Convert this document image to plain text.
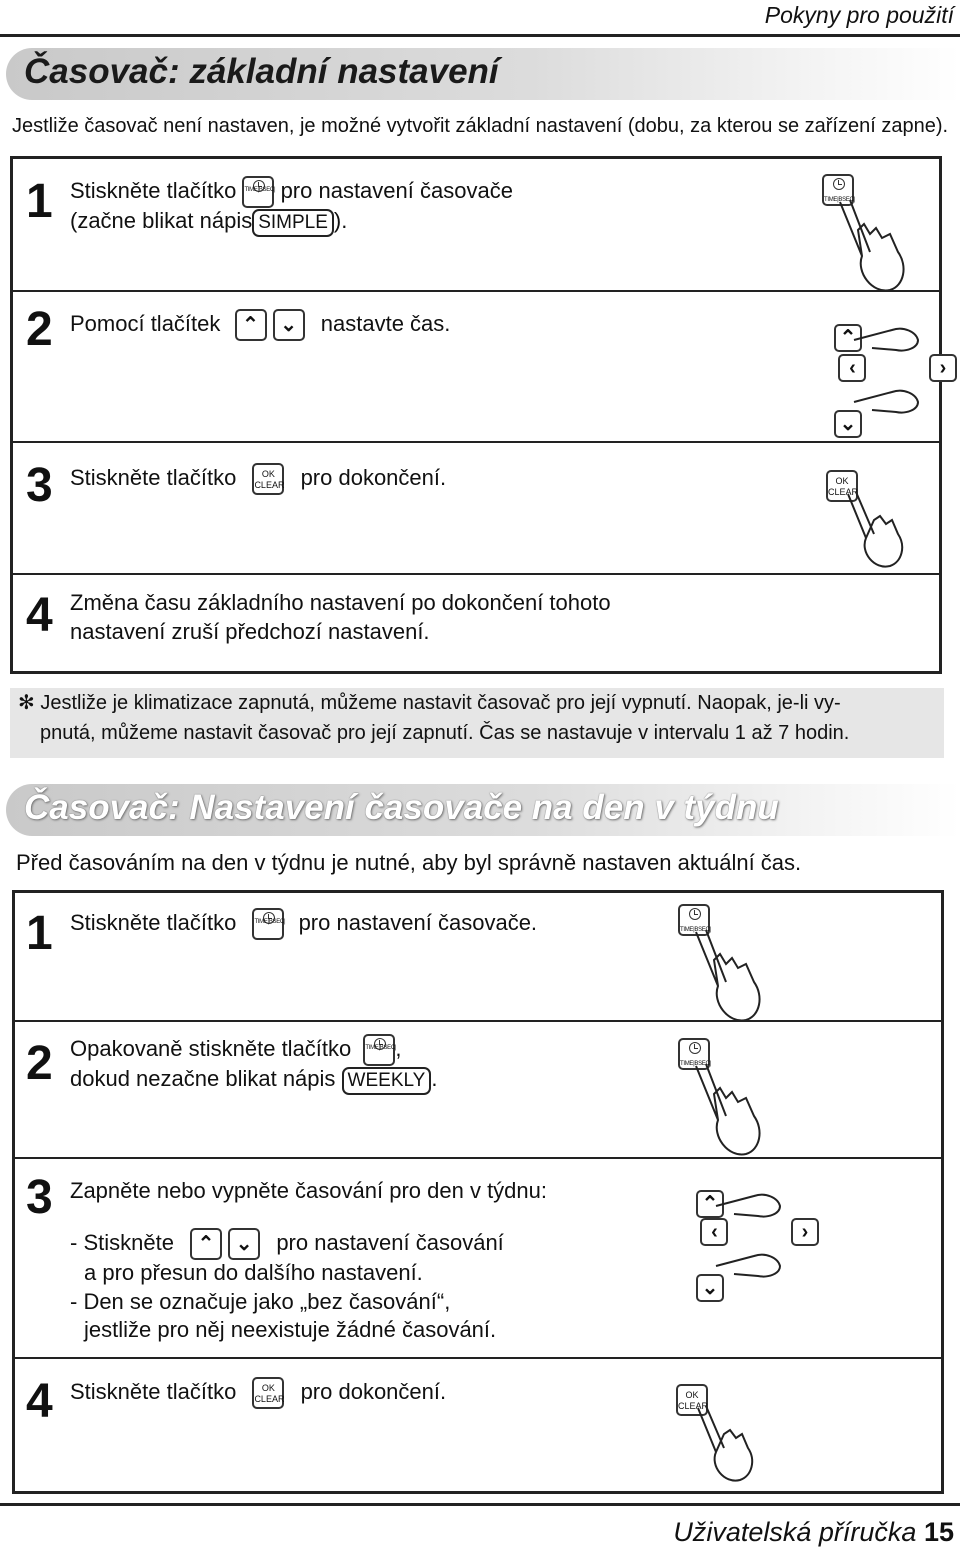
Pokyny pro použití
Časovač: základní nastavení
Jestliže časovač není nastaven, je možné vytvořit základní nastavení (dobu, za kterou se zařízení zapne).
1 Stiskněte tlačítko TIME|BSEC| pro nastavení časovače
(začne blikat nápis SIMPLE ).
TIME|BSEC|
2 Pomocí tlačítek ⌃ ⌄ nastavte čas.
⌃ ‹	› ⌄
3 Stiskněte tlačítko	OK
CLEAR pro dokončení.	OK
CLEAR
4 Změna času základního nastavení po dokončení tohoto
nastavení zruší předchozí nastavení.
✻ Jestliže je klimatizace zapnutá, můžeme nastavit časovač pro její vypnutí. Naopak, je-li vy-
pnutá, můžeme nastavit časovač pro její zapnutí. Čas se nastavuje v intervalu 1 až 7 hodin.
Časovač: Nastavení časovače na den v týdnu
Před časováním na den v týdnu je nutné, aby byl správně nastaven aktuální čas.
1 Stiskněte tlačítko	TIME|BSEC| pro nastavení časovače.	TIME|BSEC|
2 Opakovaně stiskněte tlačítko TIME|BSEC| ,
dokud nezačne blikat nápis WEEKLY .
TIME|BSEC|
3 Zapněte nebo vypněte časování pro den v týdnu:
- Stiskněte ⌃ ⌄ pro nastavení časování
a pro přesun do dalšího nastavení.
- Den se označuje jako „bez časování“,
jestliže pro něj neexistuje žádné časování.
⌃ ‹	› ⌄
4 Stiskněte tlačítko	OK
CLEAR pro dokončení.	OK
CLEAR
Uživatelská příručka 15
